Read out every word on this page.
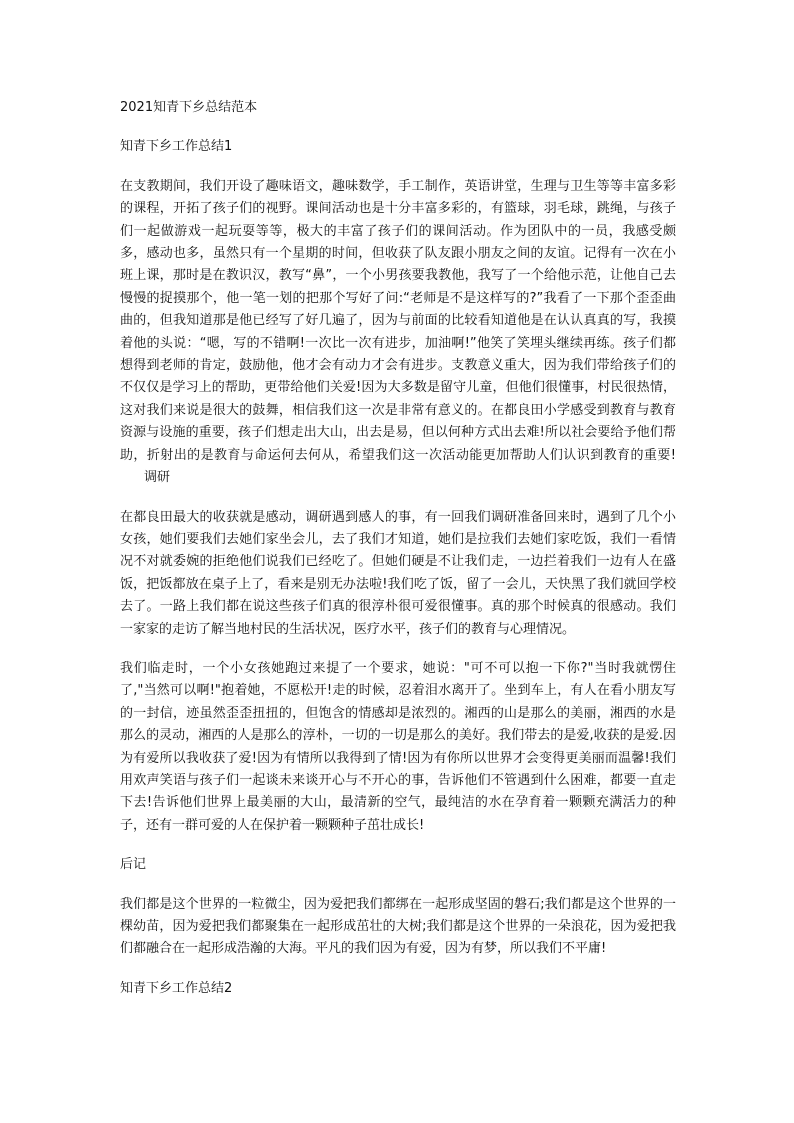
2021知青下乡总结范本
知青下乡工作总结1

在支教期间，我们开设了趣味语文，趣味数学，手工制作，英语讲堂，生理与卫生等等丰富多彩的课程，开拓了孩子们的视野。课间活动也是十分丰富多彩的，有篮球，羽毛球，跳绳，与孩子们一起做游戏一起玩耍等等，极大的丰富了孩子们的课间活动。作为团队中的一员，我感受颇多，感动也多，虽然只有一个星期的时间，但收获了队友跟小朋友之间的友谊。记得有一次在小班上课，那时是在教识汉，教写“鼻”，一个小男孩要我教他，我写了一个给他示范，让他自己去慢慢的捉摸那个，他一笔一划的把那个写好了问:“老师是不是这样写的?”我看了一下那个歪歪曲曲的，但我知道那是他已经写了好几遍了，因为与前面的比较看知道他是在认认真真的写，我摸着他的头说：“嗯，写的不错啊!一次比一次有进步，加油啊!”他笑了笑埋头继续再练。孩子们都想得到老师的肯定，鼓励他，他才会有动力才会有进步。支教意义重大，因为我们带给孩子们的不仅仅是学习上的帮助，更带给他们关爱!因为大多数是留守儿童，但他们很懂事，村民很热情，这对我们来说是很大的鼓舞，相信我们这一次是非常有意义的。在都良田小学感受到教育与教育资源与设施的重要，孩子们想走出大山，出去是易，但以何种方式出去难!所以社会要给予他们帮助，折射出的是教育与命运何去何从，希望我们这一次活动能更加帮助人们认识到教育的重要!调研

在都良田最大的收获就是感动，调研遇到感人的事，有一回我们调研准备回来时，遇到了几个小女孩，她们要我们去她们家坐会儿，去了我们才知道，她们是拉我们去她们家吃饭，我们一看情况不对就委婉的拒绝他们说我们已经吃了。但她们硬是不让我们走，一边拦着我们一边有人在盛饭，把饭都放在桌子上了，看来是别无办法啦!我们吃了饭，留了一会儿，天快黑了我们就回学校去了。一路上我们都在说这些孩子们真的很淳朴很可爱很懂事。真的那个时候真的很感动。我们一家家的走访了解当地村民的生活状况，医疗水平，孩子们的教育与心理情况。

我们临走时，一个小女孩她跑过来提了一个要求，她说："可不可以抱一下你?"当时我就愣住了,"当然可以啊!"抱着她，不愿松开!走的时候，忍着泪水离开了。坐到车上，有人在看小朋友写的一封信，迹虽然歪歪扭扭的，但饱含的情感却是浓烈的。湘西的山是那么的美丽，湘西的水是那么的灵动，湘西的人是那么的淳朴，一切的一切是那么的美好。我们带去的是爱,收获的是爱.因为有爱所以我收获了爱!因为有情所以我得到了情!因为有你所以世界才会变得更美丽而温馨!我们用欢声笑语与孩子们一起谈未来谈开心与不开心的事，告诉他们不管遇到什么困难，都要一直走下去!告诉他们世界上最美丽的大山，最清新的空气，最纯洁的水在孕育着一颗颗充满活力的种子，还有一群可爱的人在保护着一颗颗种子茁壮成长!

后记

我们都是这个世界的一粒微尘，因为爱把我们都绑在一起形成坚固的磐石;我们都是这个世界的一棵幼苗，因为爱把我们都聚集在一起形成茁壮的大树;我们都是这个世界的一朵浪花，因为爱把我们都融合在一起形成浩瀚的大海。平凡的我们因为有爱，因为有梦，所以我们不平庸!

知青下乡工作总结2
